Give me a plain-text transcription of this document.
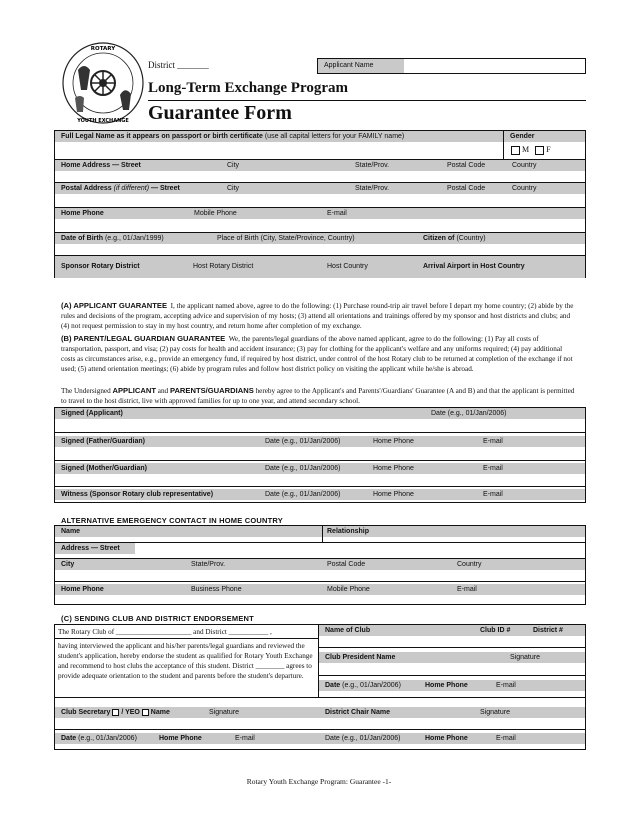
ROTARY
YOUTH EXCHANGE
District _______	Applicant Name
Long-Term Exchange Program
Guarantee Form
Full Legal Name as it appears on passport or birth certificate (use all capital letters for your FAMILY name)	Gender
M F
Home Address — Street	City	State/Prov.	Postal Code	Country
Postal Address (if different) — Street	City	State/Prov.	Postal Code	Country
Home Phone	Mobile Phone	E-mail
Date of Birth (e.g., 01/Jan/1999)	Place of Birth (City, State/Province, Country)	Citizen of (Country)
Sponsor Rotary District	Host Rotary District	Host Country	Arrival Airport in Host Country
(A) APPLICANT GUARANTEE I, the applicant named above, agree to do the following: (1) Purchase round-trip air travel before I depart my home country; (2) abide by the rules and decisions of the program, accepting advice and supervision of my hosts; (3) attend all orientations and trainings offered by my sponsor and host districts and clubs; and (4) not request permission to stay in my host country, and return home after completion of my exchange.
(B) PARENT/LEGAL GUARDIAN GUARANTEE We, the parents/legal guardians of the above named applicant, agree to do the following: (1) Pay all costs of transportation, passport, and visa; (2) pay costs for health and accident insurance; (3) pay for clothing for the applicant's welfare and any uniforms required; (4) pay additional costs as circumstances arise, e.g., provide an emergency fund, if required by host district, under control of the host Rotary club to be returned at completion of the exchange if not used; (5) attend orientation meetings; (6) abide by program rules and follow host district policy on visiting the applicant while he/she is abroad.
The Undersigned APPLICANT and PARENTS/GUARDIANS hereby agree to the Applicant's and Parents'/Guardians' Guarantee (A and B) and that the applicant is permitted to travel to the host district, live with approved families for up to one year, and attend secondary school.
Signed (Applicant)	Date (e.g., 01/Jan/2006)
Signed (Father/Guardian)	Date (e.g., 01/Jan/2006)	Home Phone	E-mail
Signed (Mother/Guardian)	Date (e.g., 01/Jan/2006)	Home Phone	E-mail
Witness (Sponsor Rotary club representative)	Date (e.g., 01/Jan/2006)	Home Phone	E-mail
ALTERNATIVE EMERGENCY CONTACT IN HOME COUNTRY
Name	Relationship
Address — Street
City	State/Prov.	Postal Code	Country
Home Phone	Business Phone	Mobile Phone	E-mail
(C) SENDING CLUB AND DISTRICT ENDORSEMENT
The Rotary Club of _____________________ and District ___________ ,
having interviewed the applicant and his/her parents/legal guardians and reviewed the student's application, hereby endorse the student as qualified for Rotary Youth Exchange and recommend to host clubs the acceptance of this student. District ________ agrees to provide adequate orientation to the student and parents before the student's departure.
Name of Club	Club ID #	District #
Club President Name	Signature
Date (e.g., 01/Jan/2006)	Home Phone	E-mail
Club Secretary / YEO Name	Signature	District Chair Name	Signature
Date (e.g., 01/Jan/2006)	Home Phone	E-mail	Date (e.g., 01/Jan/2006)	Home Phone	E-mail
Rotary Youth Exchange Program: Guarantee -1-
